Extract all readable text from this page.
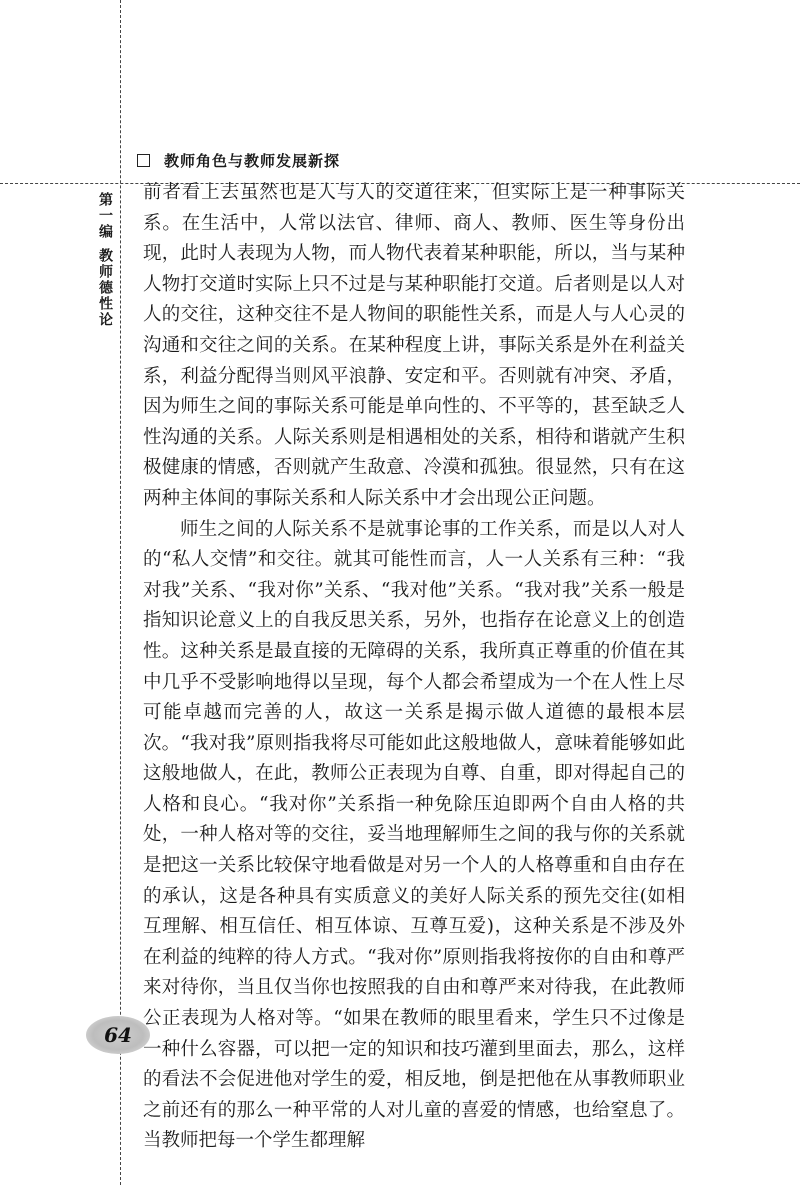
教师角色与教师发展新探
第一编
教师德性论

前者看上去虽然也是人与人的交道往来，但实际上是一种事际关系。在生活中，人常以法官、律师、商人、教师、医生等身份出现，此时人表现为人物，而人物代表着某种职能，所以，当与某种人物打交道时实际上只不过是与某种职能打交道。后者则是以人对人的交往，这种交往不是人物间的职能性关系，而是人与人心灵的沟通和交往之间的关系。在某种程度上讲，事际关系是外在利益关系，利益分配得当则风平浪静、安定和平。否则就有冲突、矛盾，因为师生之间的事际关系可能是单向性的、不平等的，甚至缺乏人性沟通的关系。人际关系则是相遇相处的关系，相待和谐就产生积极健康的情感，否则就产生敌意、冷漠和孤独。很显然，只有在这两种主体间的事际关系和人际关系中才会出现公正问题。

师生之间的人际关系不是就事论事的工作关系，而是以人对人的“私人交情”和交往。就其可能性而言，人一人关系有三种：“我对我”关系、“我对你”关系、“我对他”关系。“我对我”关系一般是指知识论意义上的自我反思关系，另外，也指存在论意义上的创造性。这种关系是最直接的无障碍的关系，我所真正尊重的价值在其中几乎不受影响地得以呈现，每个人都会希望成为一个在人性上尽可能卓越而完善的人，故这一关系是揭示做人道德的最根本层次。“我对我”原则指我将尽可能如此这般地做人，意味着能够如此这般地做人，在此，教师公正表现为自尊、自重，即对得起自己的人格和良心。“我对你”关系指一种免除压迫即两个自由人格的共处，一种人格对等的交往，妥当地理解师生之间的我与你的关系就是把这一关系比较保守地看做是对另一个人的人格尊重和自由存在的承认，这是各种具有实质意义的美好人际关系的预先交往(如相互理解、相互信任、相互体谅、互尊互爱)，这种关系是不涉及外在利益的纯粹的待人方式。“我对你”原则指我将按你的自由和尊严来对待你，当且仅当你也按照我的自由和尊严来对待我，在此教师公正表现为人格对等。“如果在教师的眼里看来，学生只不过像是一种什么容器，可以把一定的知识和技巧灌到里面去，那么，这样的看法不会促进他对学生的爱，相反地，倒是把他在从事教师职业之前还有的那么一种平常的人对儿童的喜爱的情感，也给窒息了。当教师把每一个学生都理解

64
